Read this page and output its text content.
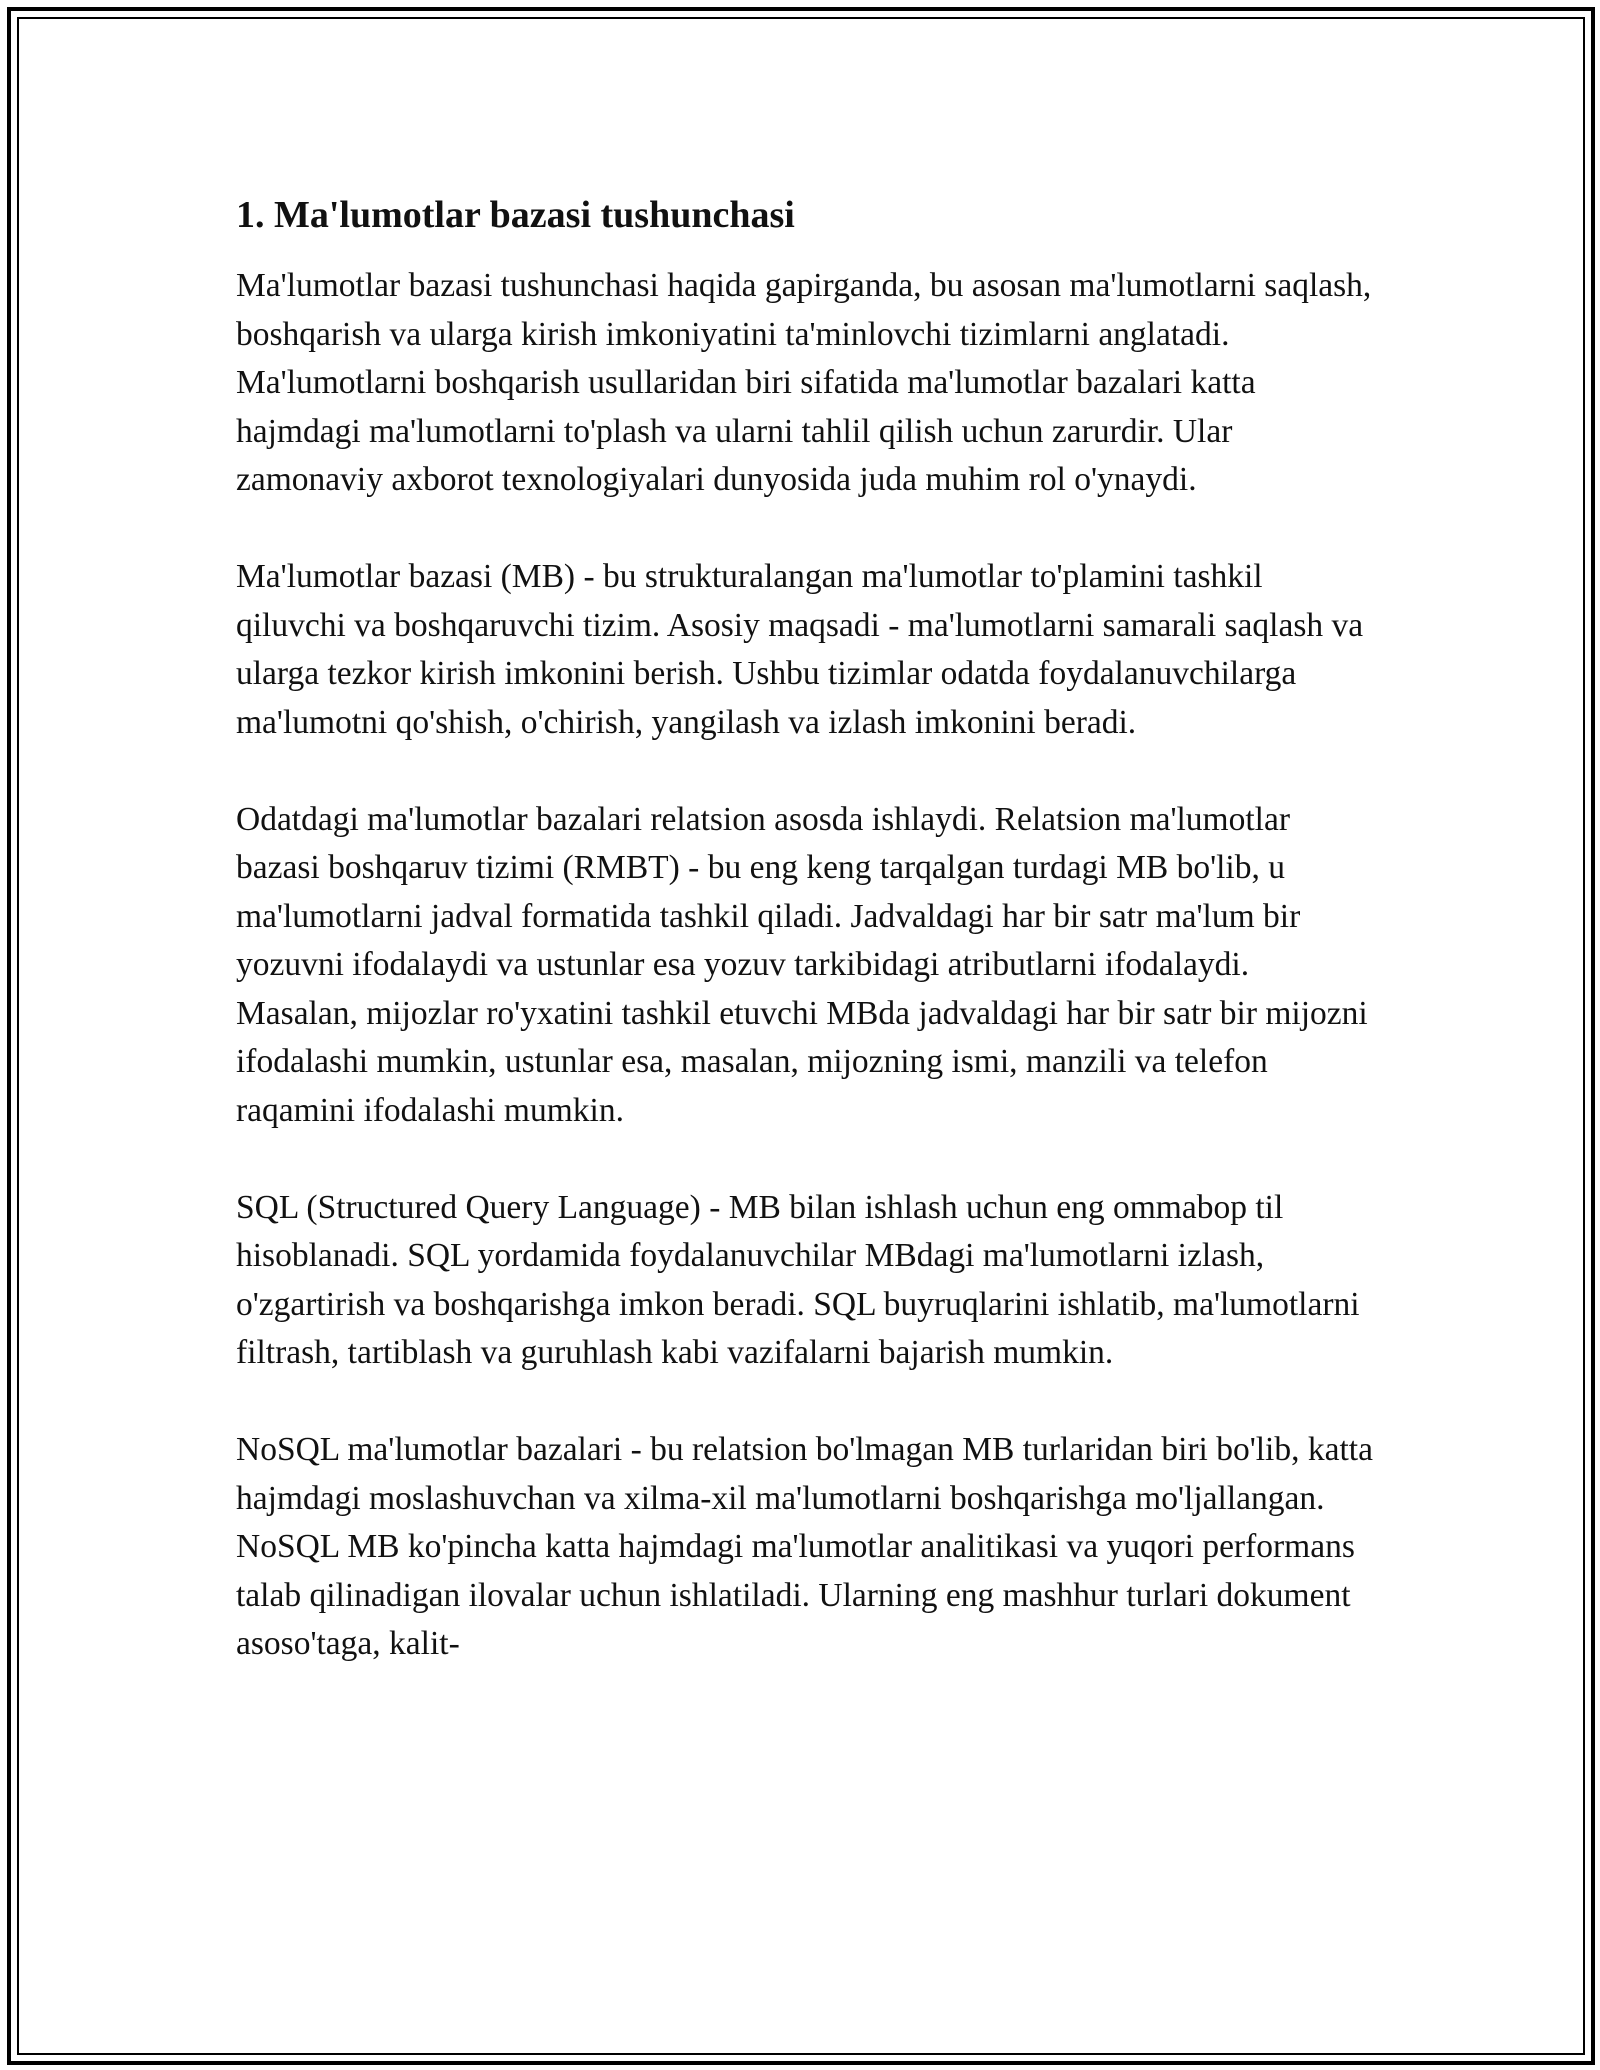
1. Ma'lumotlar bazasi tushunchasi

Ma'lumotlar bazasi tushunchasi haqida gapirganda, bu asosan ma'lumotlarni saqlash, boshqarish va ularga kirish imkoniyatini ta'minlovchi tizimlarni anglatadi. Ma'lumotlarni boshqarish usullaridan biri sifatida ma'lumotlar bazalari katta hajmdagi ma'lumotlarni to'plash va ularni tahlil qilish uchun zarurdir. Ular zamonaviy axborot texnologiyalari dunyosida juda muhim rol o'ynaydi.

Ma'lumotlar bazasi (MB) - bu strukturalangan ma'lumotlar to'plamini tashkil qiluvchi va boshqaruvchi tizim. Asosiy maqsadi - ma'lumotlarni samarali saqlash va ularga tezkor kirish imkonini berish. Ushbu tizimlar odatda foydalanuvchilarga ma'lumotni qo'shish, o'chirish, yangilash va izlash imkonini beradi.

Odatdagi ma'lumotlar bazalari relatsion asosda ishlaydi. Relatsion ma'lumotlar bazasi boshqaruv tizimi (RMBT) - bu eng keng tarqalgan turdagi MB bo'lib, u ma'lumotlarni jadval formatida tashkil qiladi. Jadvaldagi har bir satr ma'lum bir yozuvni ifodalaydi va ustunlar esa yozuv tarkibidagi atributlarni ifodalaydi. Masalan, mijozlar ro'yxatini tashkil etuvchi MBda jadvaldagi har bir satr bir mijozni ifodalashi mumkin, ustunlar esa, masalan, mijozning ismi, manzili va telefon raqamini ifodalashi mumkin.

SQL (Structured Query Language) - MB bilan ishlash uchun eng ommabop til hisoblanadi. SQL yordamida foydalanuvchilar MBdagi ma'lumotlarni izlash, o'zgartirish va boshqarishga imkon beradi. SQL buyruqlarini ishlatib, ma'lumotlarni filtrash, tartiblash va guruhlash kabi vazifalarni bajarish mumkin.

NoSQL ma'lumotlar bazalari - bu relatsion bo'lmagan MB turlaridan biri bo'lib, katta hajmdagi moslashuvchan va xilma-xil ma'lumotlarni boshqarishga mo'ljallangan. NoSQL MB ko'pincha katta hajmdagi ma'lumotlar analitikasi va yuqori performans talab qilinadigan ilovalar uchun ishlatiladi. Ularning eng mashhur turlari dokument asoso'taga, kalit-
